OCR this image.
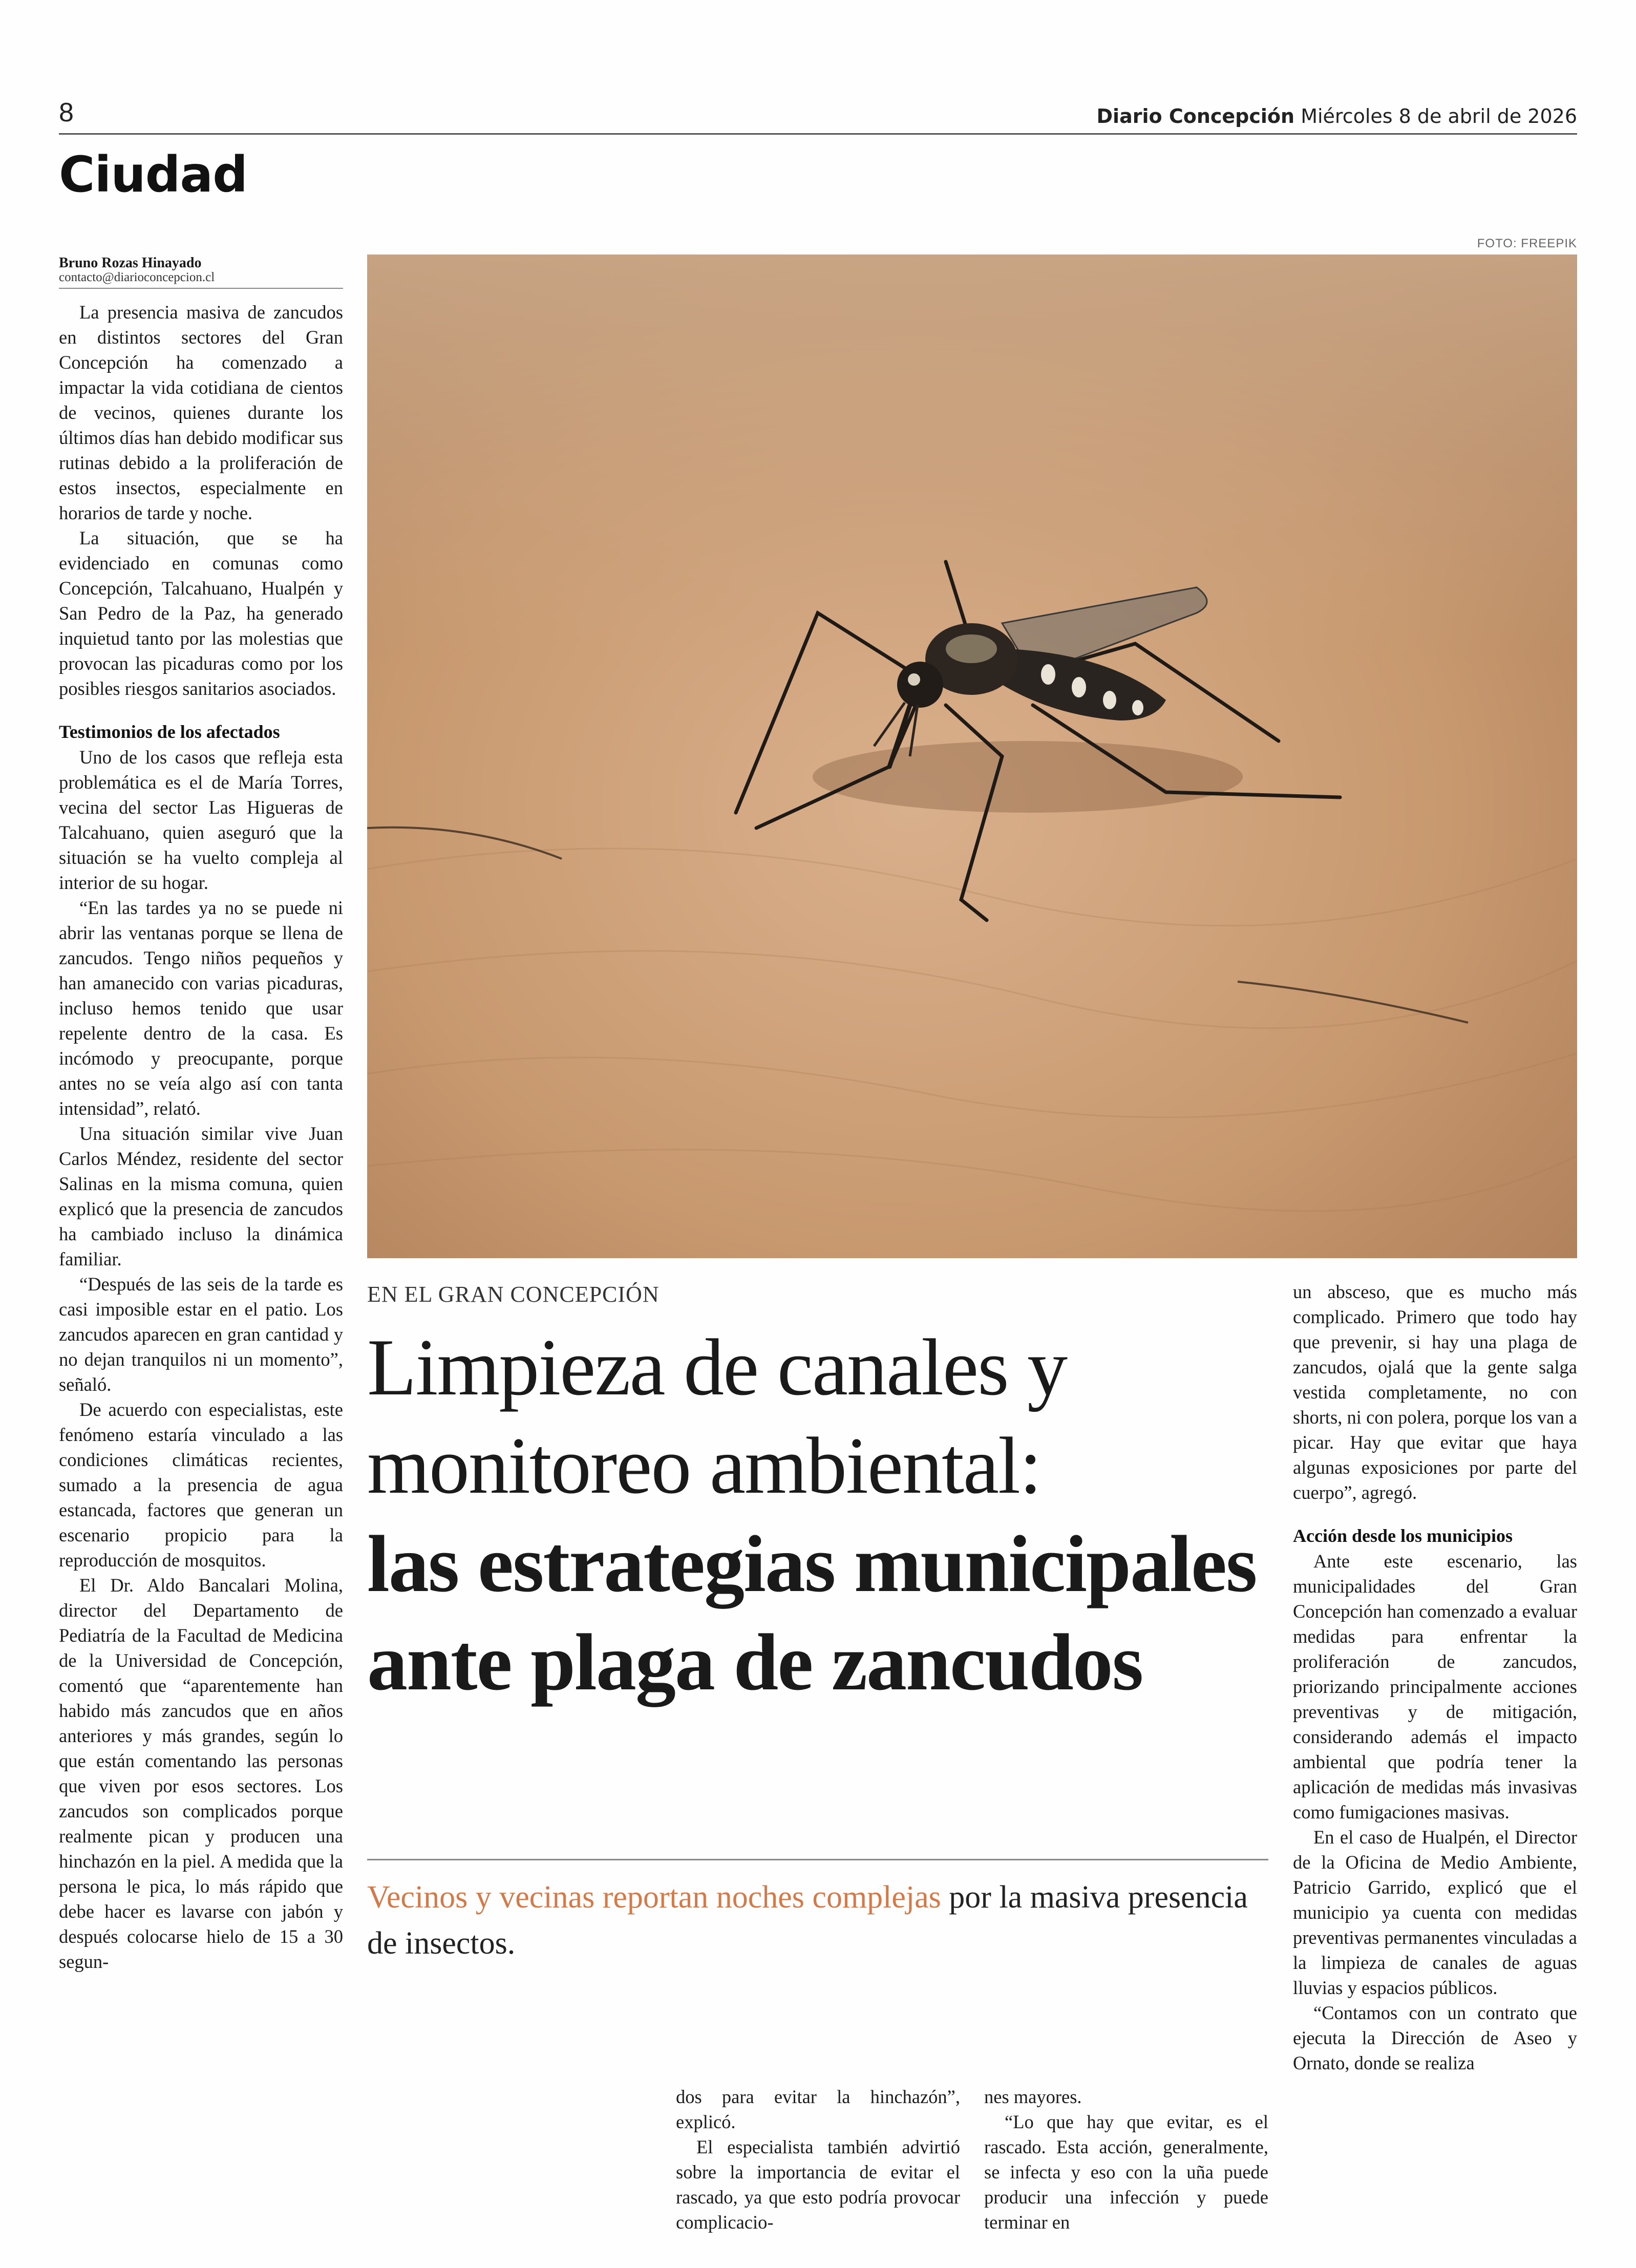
8	Diario Concepción Miércoles 8 de abril de 2026
Ciudad
FOTO: FREEPIK
Bruno Rozas Hinayado
contacto@diarioconcepcion.cl

La presencia masiva de zancudos en distintos sectores del Gran Concepción ha comenzado a impactar la vida cotidiana de cientos de vecinos, quienes durante los últimos días han debido modificar sus rutinas debido a la proliferación de estos insectos, especialmente en horarios de tarde y noche.

La situación, que se ha evidenciado en comunas como Concepción, Talcahuano, Hualpén y San Pedro de la Paz, ha generado inquietud tanto por las molestias que provocan las picaduras como por los posibles riesgos sanitarios asociados.

Testimonios de los afectados

Uno de los casos que refleja esta problemática es el de María Torres, vecina del sector Las Higueras de Talcahuano, quien aseguró que la situación se ha vuelto compleja al interior de su hogar.

“En las tardes ya no se puede ni abrir las ventanas porque se llena de zancudos. Tengo niños pequeños y han amanecido con varias picaduras, incluso hemos tenido que usar repelente dentro de la casa. Es incómodo y preocupante, porque antes no se veía algo así con tanta intensidad”, relató.

Una situación similar vive Juan Carlos Méndez, residente del sector Salinas en la misma comuna, quien explicó que la presencia de zancudos ha cambiado incluso la dinámica familiar.

“Después de las seis de la tarde es casi imposible estar en el patio. Los zancudos aparecen en gran cantidad y no dejan tranquilos ni un momento”, señaló.

De acuerdo con especialistas, este fenómeno estaría vinculado a las condiciones climáticas recientes, sumado a la presencia de agua estancada, factores que generan un escenario propicio para la reproducción de mosquitos.

El Dr. Aldo Bancalari Molina, director del Departamento de Pediatría de la Facultad de Medicina de la Universidad de Concepción, comentó que “aparentemente han habido más zancudos que en años anteriores y más grandes, según lo que están comentando las personas que viven por esos sectores. Los zancudos son complicados porque realmente pican y producen una hinchazón en la piel. A medida que la persona le pica, lo más rápido que debe hacer es lavarse con jabón y después colocarse hielo de 15 a 30 segun-

EN EL GRAN CONCEPCIÓN
Limpieza de canales y monitoreo ambiental:
las estrategias municipales ante plaga de zancudos
Vecinos y vecinas reportan noches complejas por la masiva presencia de insectos.

dos para evitar la hinchazón”, explicó.

El especialista también advirtió sobre la importancia de evitar el rascado, ya que esto podría provocar complicacio-

nes mayores.

“Lo que hay que evitar, es el rascado. Esta acción, generalmente, se infecta y eso con la uña puede producir una infección y puede terminar en

un absceso, que es mucho más complicado. Primero que todo hay que prevenir, si hay una plaga de zancudos, ojalá que la gente salga vestida completamente, no con shorts, ni con polera, porque los van a picar. Hay que evitar que haya algunas exposiciones por parte del cuerpo”, agregó.

Acción desde los municipios

Ante este escenario, las municipalidades del Gran Concepción han comenzado a evaluar medidas para enfrentar la proliferación de zancudos, priorizando principalmente acciones preventivas y de mitigación, considerando además el impacto ambiental que podría tener la aplicación de medidas más invasivas como fumigaciones masivas.

En el caso de Hualpén, el Director de la Oficina de Medio Ambiente, Patricio Garrido, explicó que el municipio ya cuenta con medidas preventivas permanentes vinculadas a la limpieza de canales de aguas lluvias y espacios públicos.

“Contamos con un contrato que ejecuta la Dirección de Aseo y Ornato, donde se realiza
